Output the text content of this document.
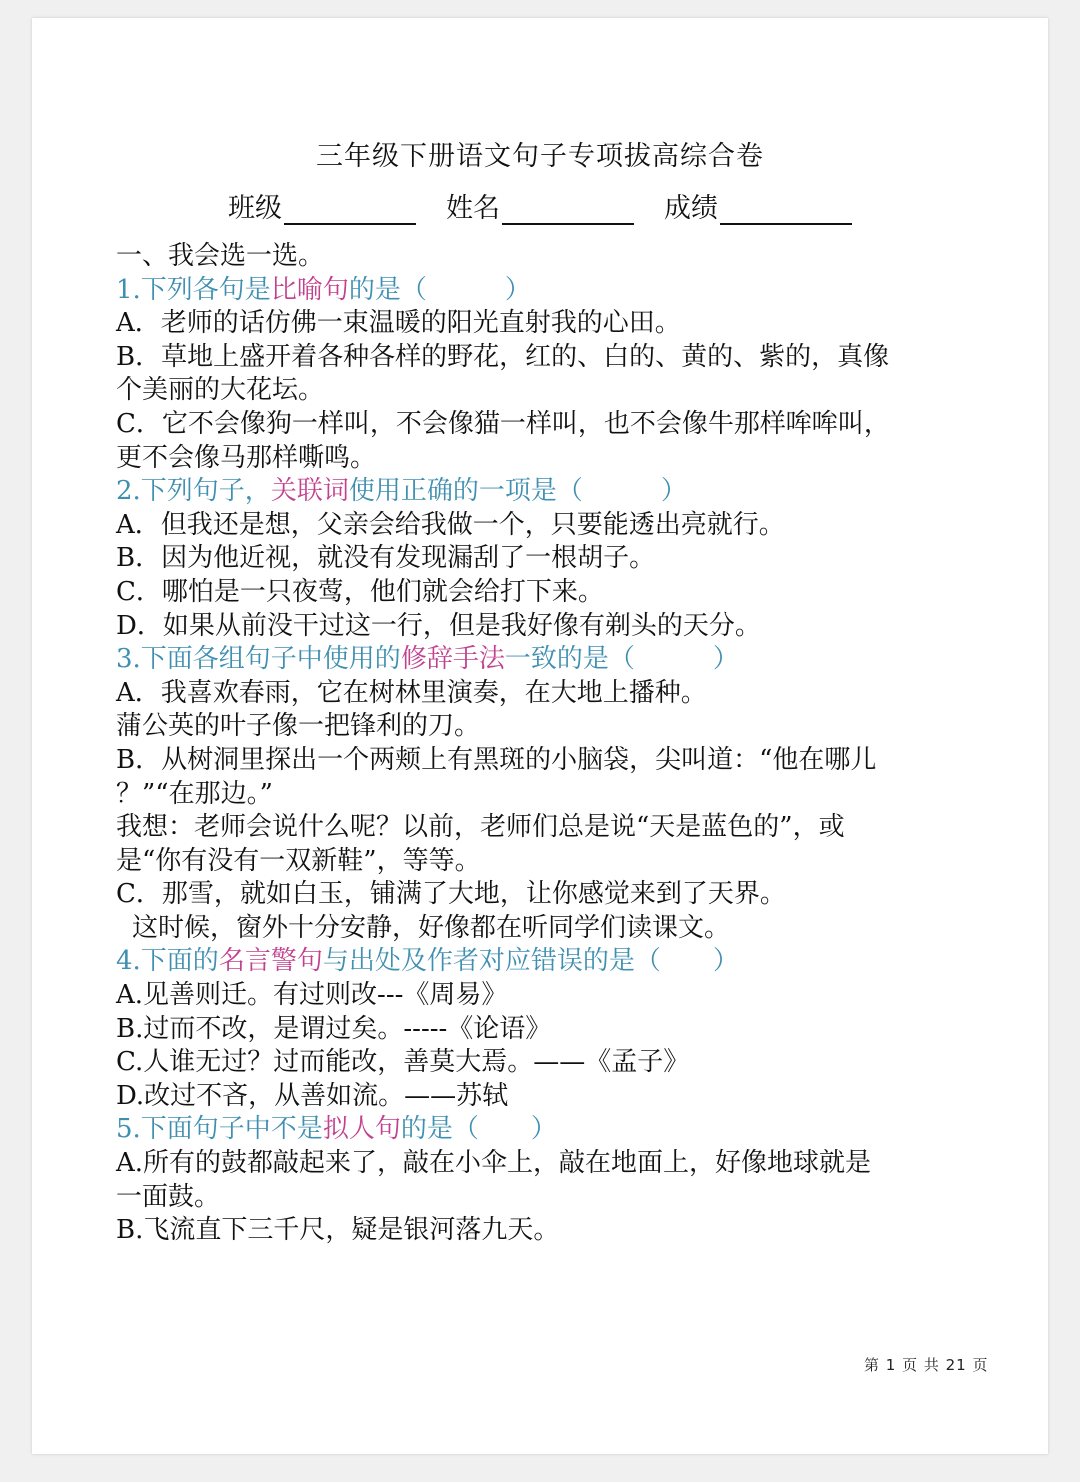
三年级下册语文句子专项拔高综合卷
班级	姓名	成绩
一、我会选一选。
1.下列各句是比喻句的是（　　　）
A．老师的话仿佛一束温暖的阳光直射我的心田。
B．草地上盛开着各种各样的野花，红的、白的、黄的、紫的，真像
个美丽的大花坛。
C．它不会像狗一样叫，不会像猫一样叫，也不会像牛那样哞哞叫，
更不会像马那样嘶鸣。
2.下列句子，关联词使用正确的一项是（　　　）
A．但我还是想，父亲会给我做一个，只要能透出亮就行。
B．因为他近视，就没有发现漏刮了一根胡子。
C．哪怕是一只夜莺，他们就会给打下来。
D．如果从前没干过这一行，但是我好像有剃头的天分。
3.下面各组句子中使用的修辞手法一致的是（　　　）
A．我喜欢春雨，它在树林里演奏，在大地上播种。
蒲公英的叶子像一把锋利的刀。
B．从树洞里探出一个两颊上有黑斑的小脑袋，尖叫道：“他在哪儿
？”“在那边。”
我想：老师会说什么呢？以前，老师们总是说“天是蓝色的”，或
是“你有没有一双新鞋”，等等。
C．那雪，就如白玉，铺满了大地，让你感觉来到了天界。
这时候，窗外十分安静，好像都在听同学们读课文。
4.下面的名言警句与出处及作者对应错误的是（　　）
A.见善则迁。有过则改---《周易》
B.过而不改，是谓过矣。-----《论语》
C.人谁无过？过而能改，善莫大焉。——《孟子》
D.改过不吝，从善如流。——苏轼
5.下面句子中不是拟人句的是（　　）
A.所有的鼓都敲起来了，敲在小伞上，敲在地面上，好像地球就是
一面鼓。
B.飞流直下三千尺，疑是银河落九天。
第 1 页 共 21 页
